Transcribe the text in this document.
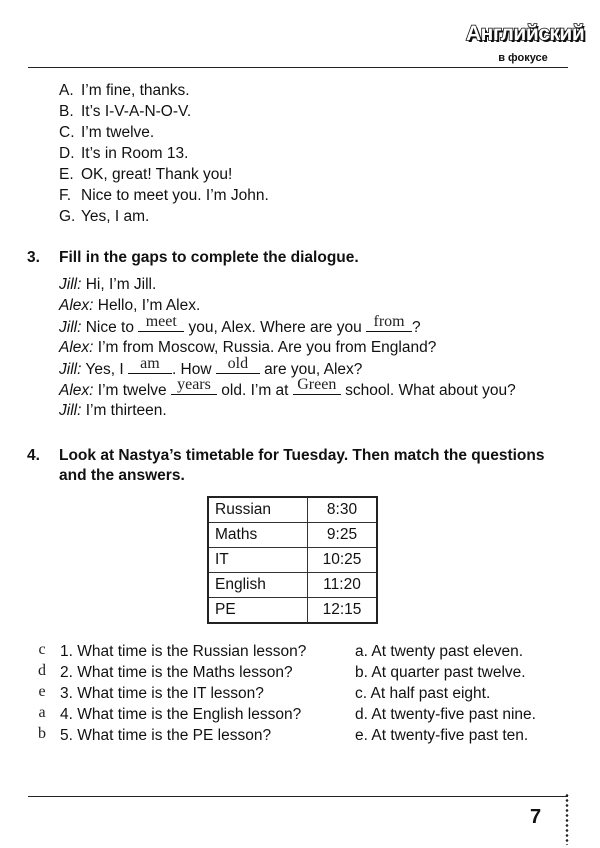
Английский
в фокусе
A. I’m fine, thanks.
B. It’s I-V-A-N-O-V.
C. I’m twelve.
D. It’s in Room 13.
E. OK, great! Thank you!
F. Nice to meet you. I’m John.
G. Yes, I am.
3. Fill in the gaps to complete the dialogue.
Jill: Hi, I’m Jill.
Alex: Hello, I’m Alex.
Jill: Nice to meet you, Alex. Where are you from ?
Alex: I’m from Moscow, Russia. Are you from England?
Jill: Yes, I am . How old are you, Alex?
Alex: I’m twelve years old. I’m at Green school. What about you?
Jill: I’m thirteen.
4. Look at Nastya’s timetable for Tuesday. Then match the questions and the answers.
Russian	8:30
Maths	9:25
IT	10:25
English	11:20
PE	12:15
c 1. What time is the Russian lesson?
d 2. What time is the Maths lesson?
e 3. What time is the IT lesson?
a 4. What time is the English lesson?
b 5. What time is the PE lesson?
a. At twenty past eleven.
b. At quarter past twelve.
c. At half past eight.
d. At twenty-five past nine.
e. At twenty-five past ten.
7
